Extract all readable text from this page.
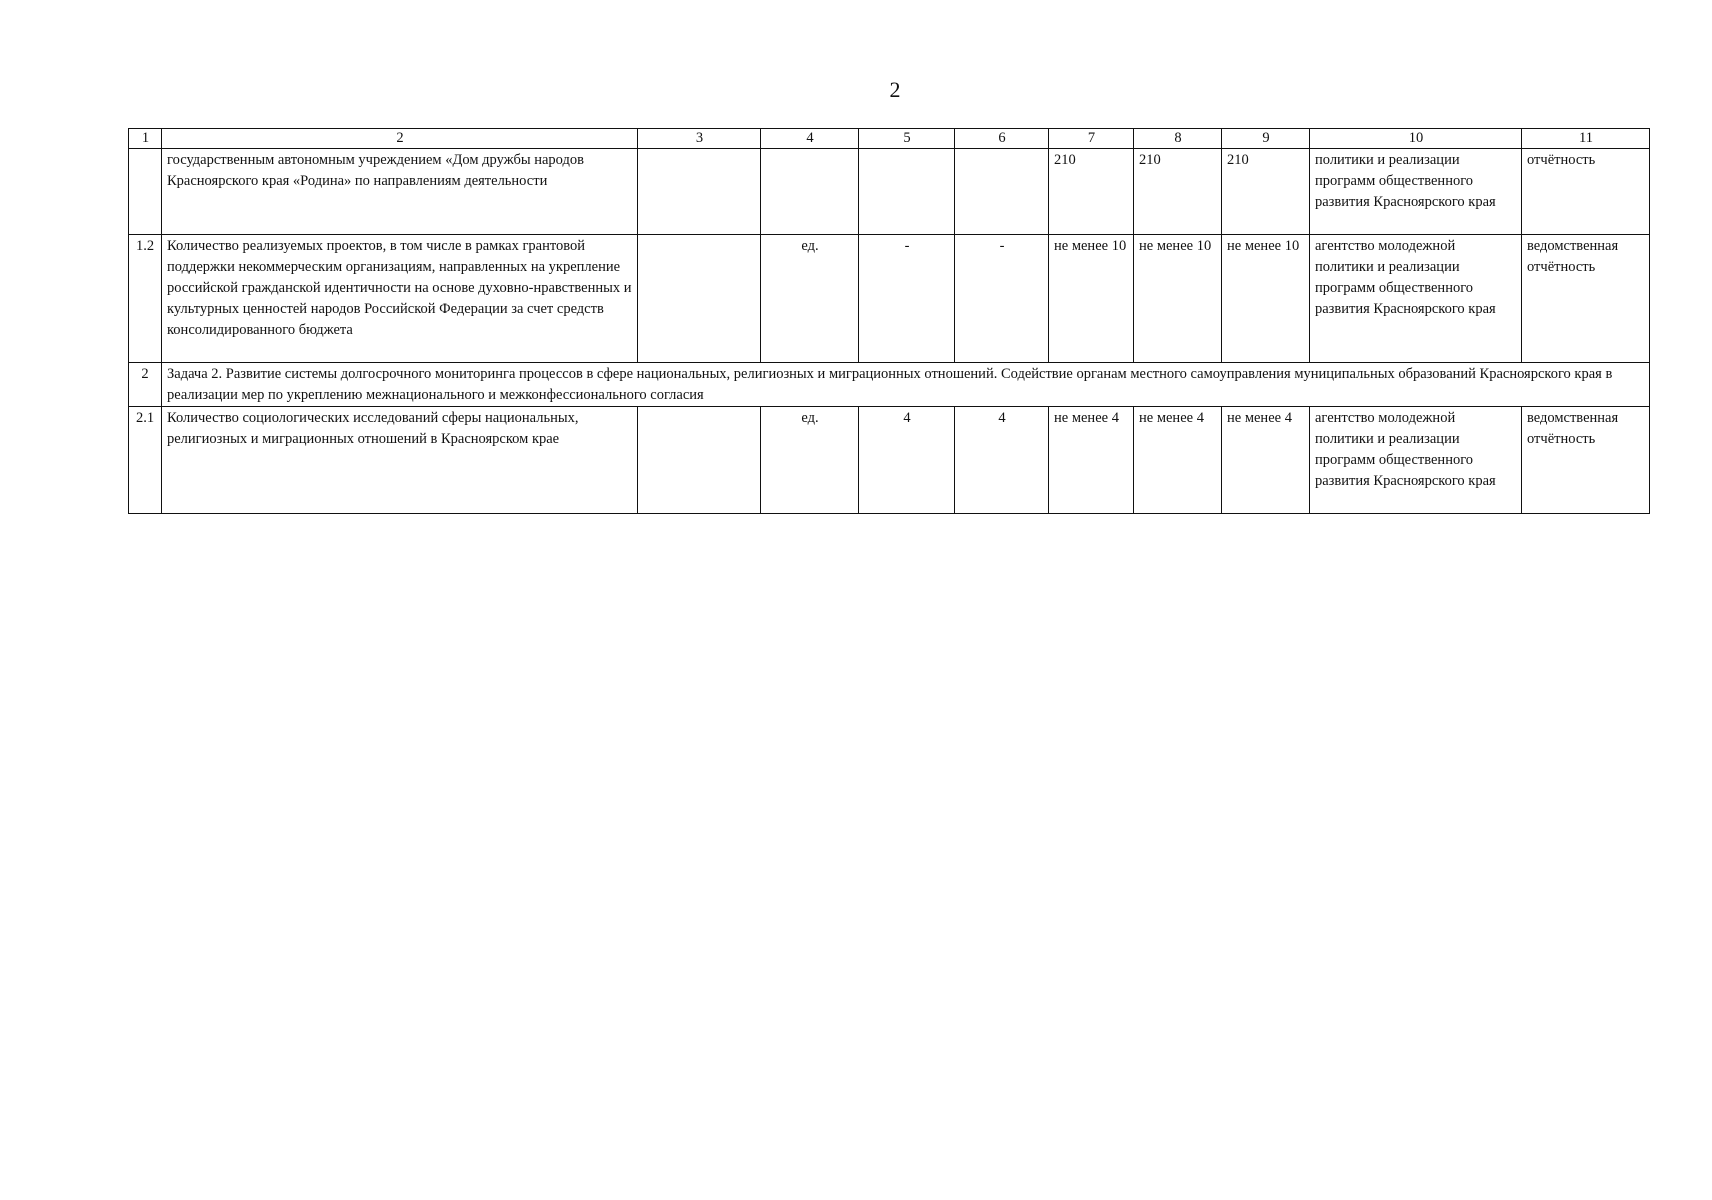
2
1	2	3	4	5	6	7	8	9	10	11
	государственным автономным учреждением «Дом дружбы народов Красноярского края «Родина» по направлениям деятельности					210	210	210	политики и реализации программ общественного развития Красноярского края	отчётность
1.2	Количество реализуемых проектов, в том числе в рамках грантовой поддержки некоммерческим организациям, направленных на укрепление российской гражданской идентичности на основе духовно-нравственных и культурных ценностей народов Российской Федерации за счет средств консолидированного бюджета		ед.	-	-	не менее 10	не менее 10	не менее 10	агентство молодежной политики и реализации программ общественного развития Красноярского края	ведомственная отчётность
2	Задача 2. Развитие системы долгосрочного мониторинга процессов в сфере национальных, религиозных и миграционных отношений. Содействие органам местного самоуправления муниципальных образований Красноярского края в реализации мер по укреплению межнационального и межконфессионального согласия									
2.1	Количество социологических исследований сферы национальных, религиозных и миграционных отношений в Красноярском крае		ед.	4	4	не менее 4	не менее 4	не менее 4	агентство молодежной политики и реализации программ общественного развития Красноярского края	ведомственная отчётность
